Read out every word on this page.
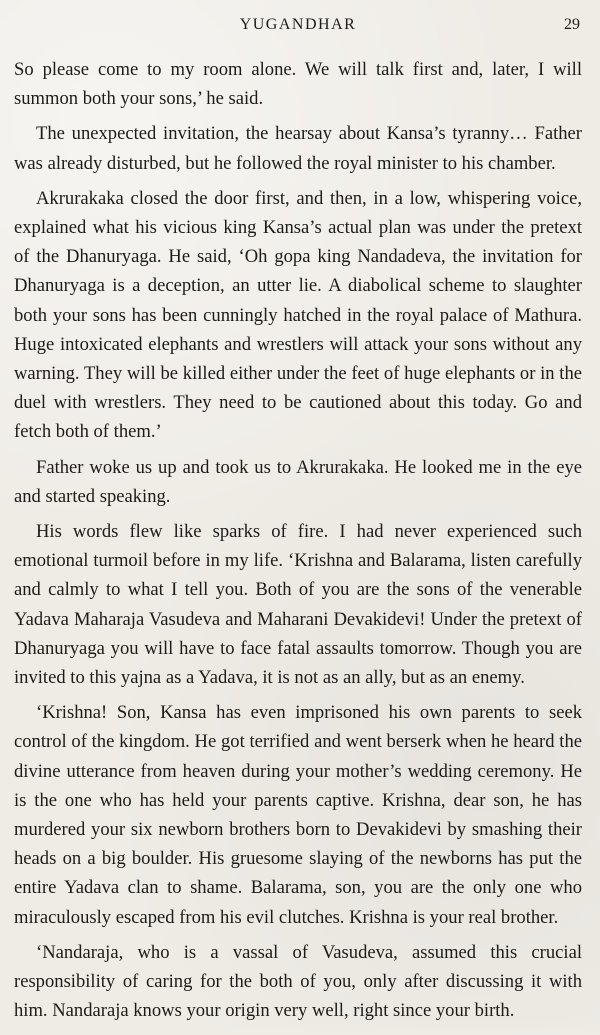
YUGANDHAR	29

So please come to my room alone. We will talk first and, later, I will summon both your sons,’ he said.

The unexpected invitation, the hearsay about Kansa’s tyranny… Father was already disturbed, but he followed the royal minister to his chamber.

Akrurakaka closed the door first, and then, in a low, whispering voice, explained what his vicious king Kansa’s actual plan was under the pretext of the Dhanuryaga. He said, ‘Oh gopa king Nandadeva, the invitation for Dhanuryaga is a deception, an utter lie. A diabolical scheme to slaughter both your sons has been cunningly hatched in the royal palace of Mathura. Huge intoxicated elephants and wrestlers will attack your sons without any warning. They will be killed either under the feet of huge elephants or in the duel with wrestlers. They need to be cautioned about this today. Go and fetch both of them.’

Father woke us up and took us to Akrurakaka. He looked me in the eye and started speaking.

His words flew like sparks of fire. I had never experienced such emotional turmoil before in my life. ‘Krishna and Balarama, listen carefully and calmly to what I tell you. Both of you are the sons of the venerable Yadava Maharaja Vasudeva and Maharani Devakidevi! Under the pretext of Dhanuryaga you will have to face fatal assaults tomorrow. Though you are invited to this yajna as a Yadava, it is not as an ally, but as an enemy.

‘Krishna! Son, Kansa has even imprisoned his own parents to seek control of the kingdom. He got terrified and went berserk when he heard the divine utterance from heaven during your mother’s wedding ceremony. He is the one who has held your parents captive. Krishna, dear son, he has murdered your six newborn brothers born to Devakidevi by smashing their heads on a big boulder. His gruesome slaying of the newborns has put the entire Yadava clan to shame. Balarama, son, you are the only one who miraculously escaped from his evil clutches. Krishna is your real brother.

‘Nandaraja, who is a vassal of Vasudeva, assumed this crucial responsibility of caring for the both of you, only after discussing it with him. Nandaraja knows your origin very well, right since your birth.
